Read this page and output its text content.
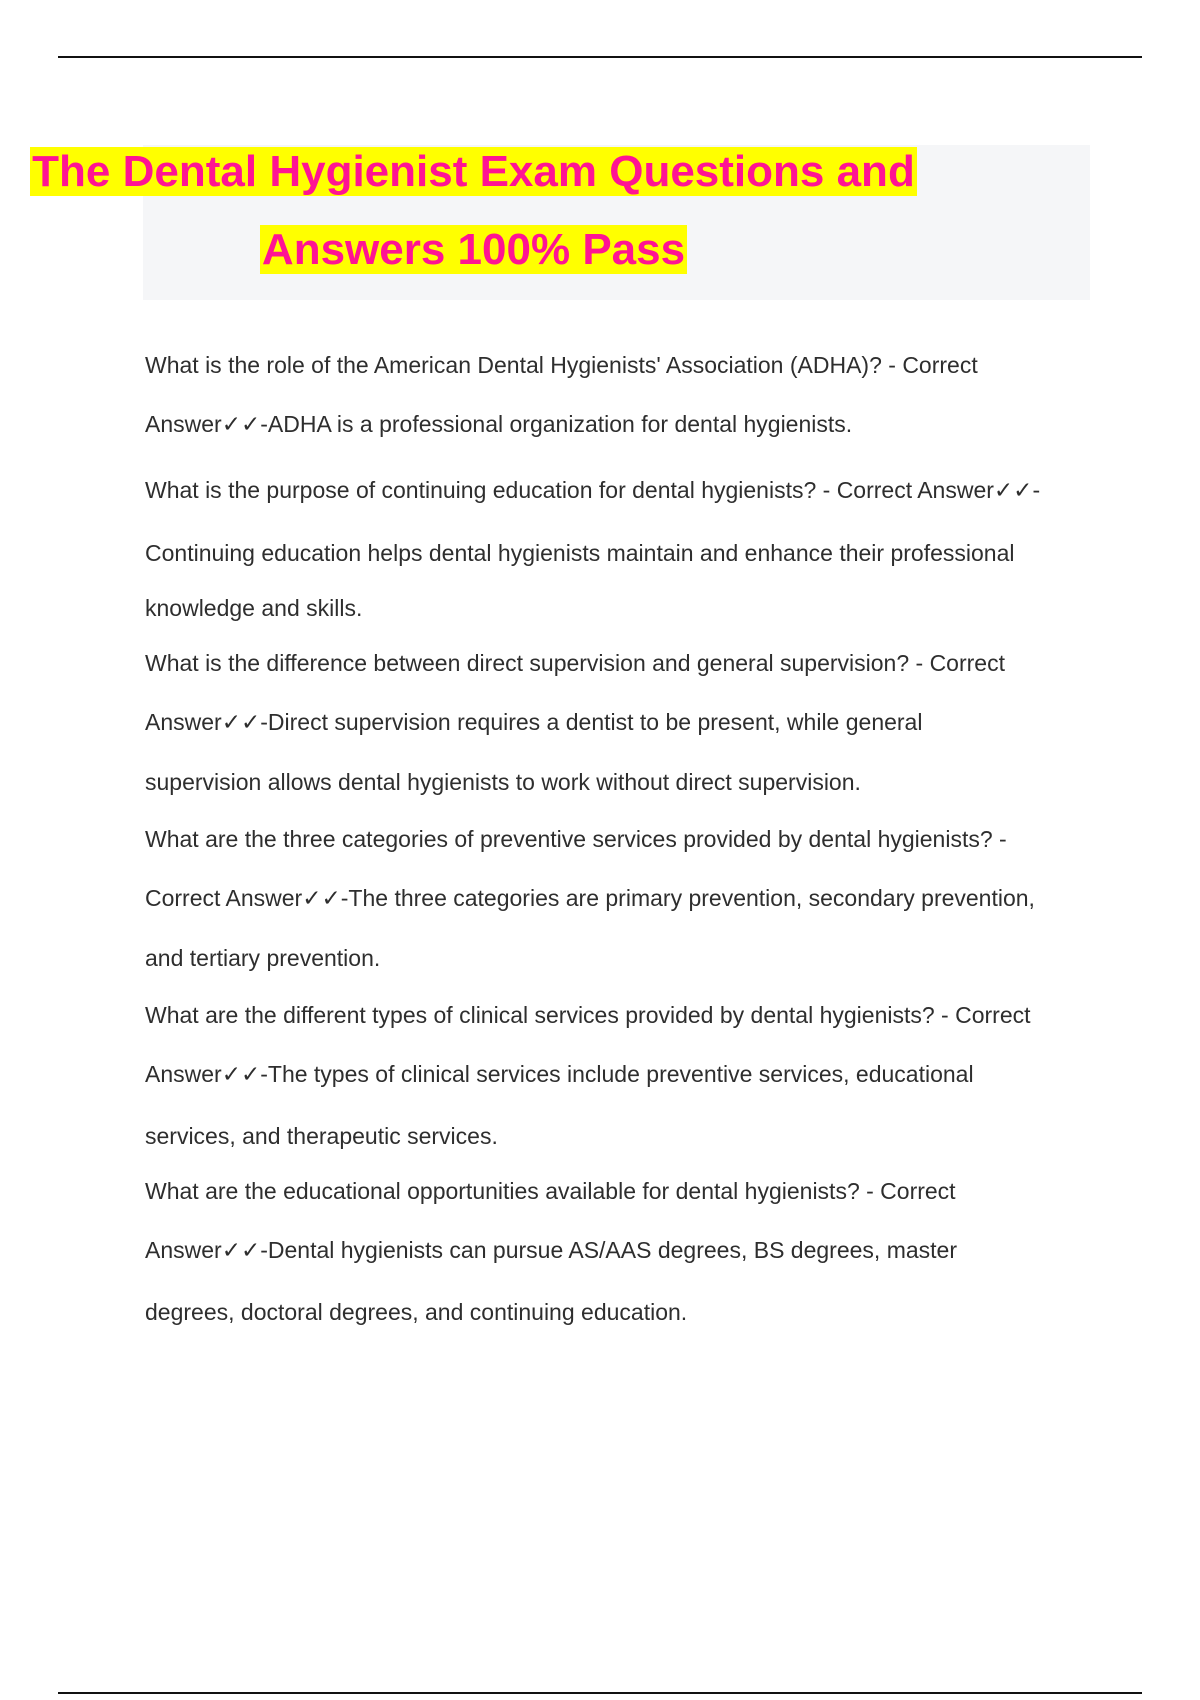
The Dental Hygienist Exam Questions and
Answers 100% Pass
What is the role of the American Dental Hygienists' Association (ADHA)? - Correct
Answer✓✓-ADHA is a professional organization for dental hygienists.
What is the purpose of continuing education for dental hygienists? - Correct Answer✓✓-
Continuing education helps dental hygienists maintain and enhance their professional
knowledge and skills.
What is the difference between direct supervision and general supervision? - Correct
Answer✓✓-Direct supervision requires a dentist to be present, while general
supervision allows dental hygienists to work without direct supervision.
What are the three categories of preventive services provided by dental hygienists? -
Correct Answer✓✓-The three categories are primary prevention, secondary prevention,
and tertiary prevention.
What are the different types of clinical services provided by dental hygienists? - Correct
Answer✓✓-The types of clinical services include preventive services, educational
services, and therapeutic services.
What are the educational opportunities available for dental hygienists? - Correct
Answer✓✓-Dental hygienists can pursue AS/AAS degrees, BS degrees, master
degrees, doctoral degrees, and continuing education.
